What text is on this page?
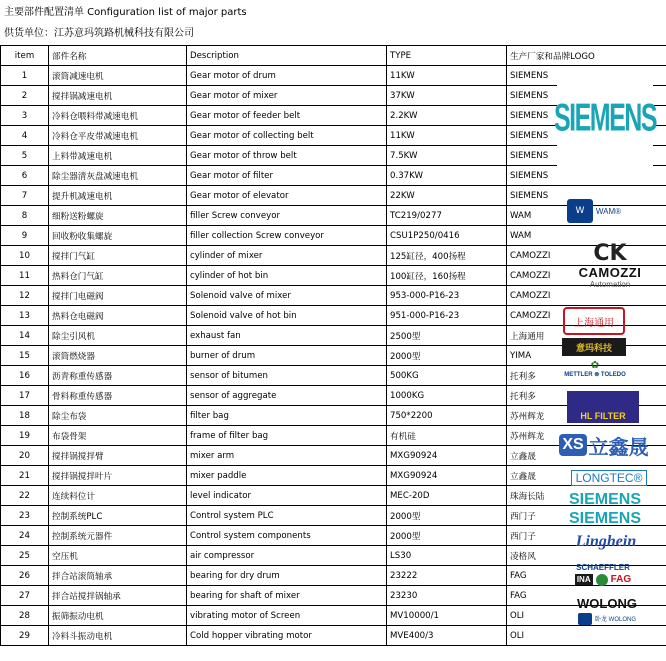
主要部件配置清单 Configuration list of major parts
供货单位：江苏意玛筑路机械科技有限公司
item	部件名称	Description	TYPE	生产厂家和品牌LOGO
1	滚筒减速电机	Gear motor of drum	11KW	SIEMENS
2	搅拌锅减速电机	Gear motor of mixer	37KW	SIEMENS
3	冷料仓喂料带减速电机	Gear motor of feeder belt	2.2KW	SIEMENS
4	冷料仓平皮带减速电机	Gear motor of collecting belt	11KW	SIEMENS
5	上料带减速电机	Gear motor of throw belt	7.5KW	SIEMENS
6	除尘器清灰盘减速电机	Gear motor of filter	0.37KW	SIEMENS
7	提升机减速电机	Gear motor of elevator	22KW	SIEMENS
8	细粉送粉螺旋	filler Screw conveyor	TC219/0277	WAM
9	回收粉收集螺旋	filler collection Screw conveyor	CSU1P250/0416	WAM
10	搅拌门气缸	cylinder of mixer	125缸径，400扬程	CAMOZZI
11	热料仓门气缸	cylinder of hot bin	100缸径，160扬程	CAMOZZI
12	搅拌门电磁阀	Solenoid valve of mixer	953-000-P16-23	CAMOZZI
13	热料仓电磁阀	Solenoid valve of hot bin	951-000-P16-23	CAMOZZI
14	除尘引风机	exhaust fan	2500型	上海通用
15	滚筒燃烧器	burner of drum	2000型	YIMA
16	沥青称重传感器	sensor of bitumen	500KG	托利多
17	骨料称重传感器	sensor of aggregate	1000KG	托利多
18	除尘布袋	filter bag	750*2200	苏州辉龙
19	布袋骨架	frame of filter bag	有机硅	苏州辉龙
20	搅拌锅搅拌臂	mixer arm	MXG90924	立鑫晟
21	搅拌锅搅拌叶片	mixer paddle	MXG90924	立鑫晟
22	连续料位计	level indicator	MEC-20D	珠海长陆
23	控制系统PLC	Control system PLC	2000型	西门子
24	控制系统元器件	Control system components	2000型	西门子
25	空压机	air compressor	LS30	凌格风
26	拌合站滚筒轴承	bearing for dry drum	23222	FAG
27	拌合站搅拌锅轴承	bearing for shaft of mixer	23230	FAG
28	振筛振动电机	vibrating motor of Screen	MV10000/1	OLI
29	冷料斗振动电机	Cold hopper vibrating motor	MVE400/3	OLI
SIEMENS
W	WAM®
CK
CAMOZZI
Automation
上海通用
意玛科技
✿
METTLER ⊗ TOLEDO
HL FILTER
XS 立鑫晟
LONGTEC®
SIEMENS
SIEMENS
Linghein
SCHAEFFLER
INA FAG
WOLONG
卧龙 WOLONG
